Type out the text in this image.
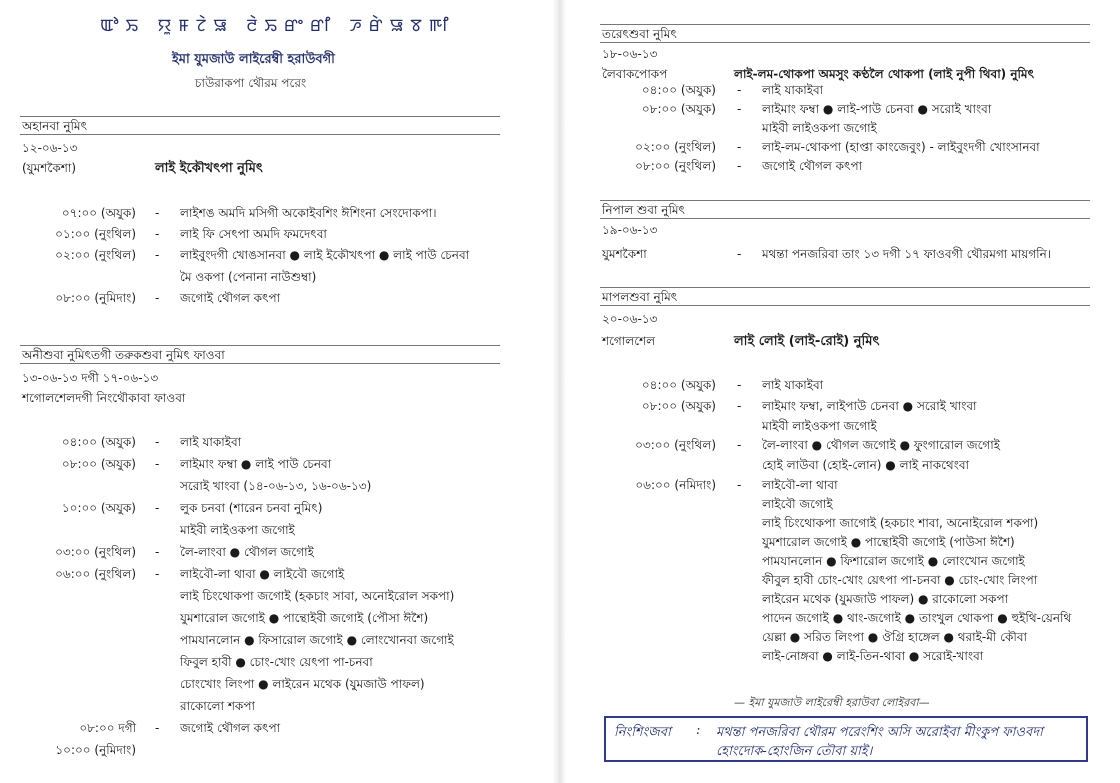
ꯑꯣꯢ ꯌꯨꯝꯖꯥꯎ ꯂꯥꯢꯔꯦꯔꯤ ꯍꯔꯥꯎꯕꯒꯤ
ইমা যুমজাউ লাইরেম্বী হরাউবগী
চাউরাকপা থৌরম পরেং
অহানবা নুমিৎ
১২-০৬-১৩
(যুমশকৈশা)	লাই ইকৌখৎপা নুমিৎ
০৭:০০ (অযুক) - লাইশঙ অমদি মসিগী অকোইবশিং ঈশিংনা সেংদোকপা।
০১:০০ (নুংথিল) - লাই ফি সেৎপা অমদি ফমদেৎবা
০২:০০ (নুংথিল) - লাইবুংদগী খোঙসানবা ● লাই ইকৌখৎপা ● লাই পাউ চেনবা
মৈ ওকপা (পেনানা নাউশুম্বা)
০৮:০০ (নুমিদাং) - জগোই থৌগল কৎপা
অনীশুবা নুমিৎতগী তরুকশুবা নুমিৎ ফাওবা
১৩-০৬-১৩ দগী ১৭-০৬-১৩
শগোলশেলদগী নিংথৌকাবা ফাওবা
০৪:০০ (অযুক) - লাই যাকাইবা
০৮:০০ (অযুক) - লাইমাং ফম্বা ● লাই পাউ চেনবা
সরোই খাংবা (১৪-০৬-১৩, ১৬-০৬-১৩)
১০:০০ (অযুক) - লুক চনবা (শারেন চনবা নুমিৎ)
মাইবী লাইওকপা জগোই
০৩:০০ (নুংথিল) - লৈ-লাংবা ● থৌগল জগোই
০৬:০০ (নুংথিল) - লাইবৌ-লা থাবা ● লাইবৌ জগোই
লাই চিংথোকপা জগোই (হকচাং সাবা, অনোইরোল সকপা)
যুমশারোল জগোই ● পান্থোইবী জগোই (পৌসা ঈশৈ)
পামযানলোন ● ফিসারোল জগোই ● লোংখোনবা জগোই
ফিবুল হাবী ● চোং-খোং য়েৎপা পা-চনবা
চোংখোং লিংপা ● লাইরেন মথেক (যুমজাউ পাফল)
রাকোলো শকপা
০৮:০০ দগী - জগোই থৌগল কৎপা
১০:০০ (নুমিদাং)
তরেৎশুবা নুমিৎ
১৮-০৬-১৩
লৈবাকপোকপ	লাই-লম-থোকপা অমসুং কণ্ঠলৈ থোকপা (লাই নুপী থিবা) নুমিৎ
০৪:০০ (অযুক) - লাই যাকাইবা
০৮:০০ (অযুক) - লাইমাং ফম্বা ● লাই-পাউ চেনবা ● সরোই খাংবা
মাইবী লাইওকপা জগোই
০২:০০ (নুংথিল) - লাই-লম-থোকপা (হাপ্তা কাংজেবুং) - লাইবুংদগী খোংসানবা
০৮:০০ (নুংথিল) - জগোই থৌগল কৎপা
নিপাল শুবা নুমিৎ
১৯-০৬-১৩
যুমশকৈশা	- মথন্তা পনজরিবা তাং ১৩ দগী ১৭ ফাওবগী থৌরমগা মায়গনি।
মাপলশুবা নুমিৎ
২০-০৬-১৩
শগোলশেল	লাই লোই (লাই-রোই) নুমিৎ
০৪:০০ (অযুক) - লাই যাকাইবা
০৮:০০ (অযুক) - লাইমাং ফম্বা, লাইপাউ চেনবা ● সরোই খাংবা
মাইবী লাইওকপা জগোই
০৩:০০ (নুংথিল) - লৈ-লাংবা ● থৌগল জগোই ● ফুংগারোল জগোই
হোই লাউবা (হোই-লোন) ● লাই নাকথেংবা
০৬:০০ (নমিদাং) - লাইবৌ-লা থাবা
লাইবৌ জগোই
লাই চিংথোকপা জাগোই (হকচাং শাবা, অনোইরোল শকপা)
যুমশারোল জগোই ● পান্থোইবী জগোই (পাউসা ঈশৈ)
পামযানলোন ● ফিশারোল জগোই ● লোংখোন জগোই
ফীবুল হাবী চোং-খোং য়েৎপা পা-চনবা ● চোং-খোং লিংপা
লাইরেন মথেক (যুমজাউ পাফল) ● রাকোলো সকপা
পাদেন জগোই ● থাং-জগোই ● তাংখুল থোকপা ● হুইথি-য়েনথি
য়েল্লা ● সরিত লিংপা ● ঔগ্রি হাঙ্গেল ● থরাই-মী কৌবা
লাই-নোঙ্গবা ● লাই-তিন-থাবা ● সরোই-খাংবা
— ইমা যুমজাউ লাইরেম্বী হরাউবা লোইরবা—
নিংশিংজবা : মথন্তা পনজরিবা থৌরম পরেংশিং অসি অরোইবা মীংকুপ ফাওবদা
হোংদোক-হোংজিন তৌবা য়াই।
